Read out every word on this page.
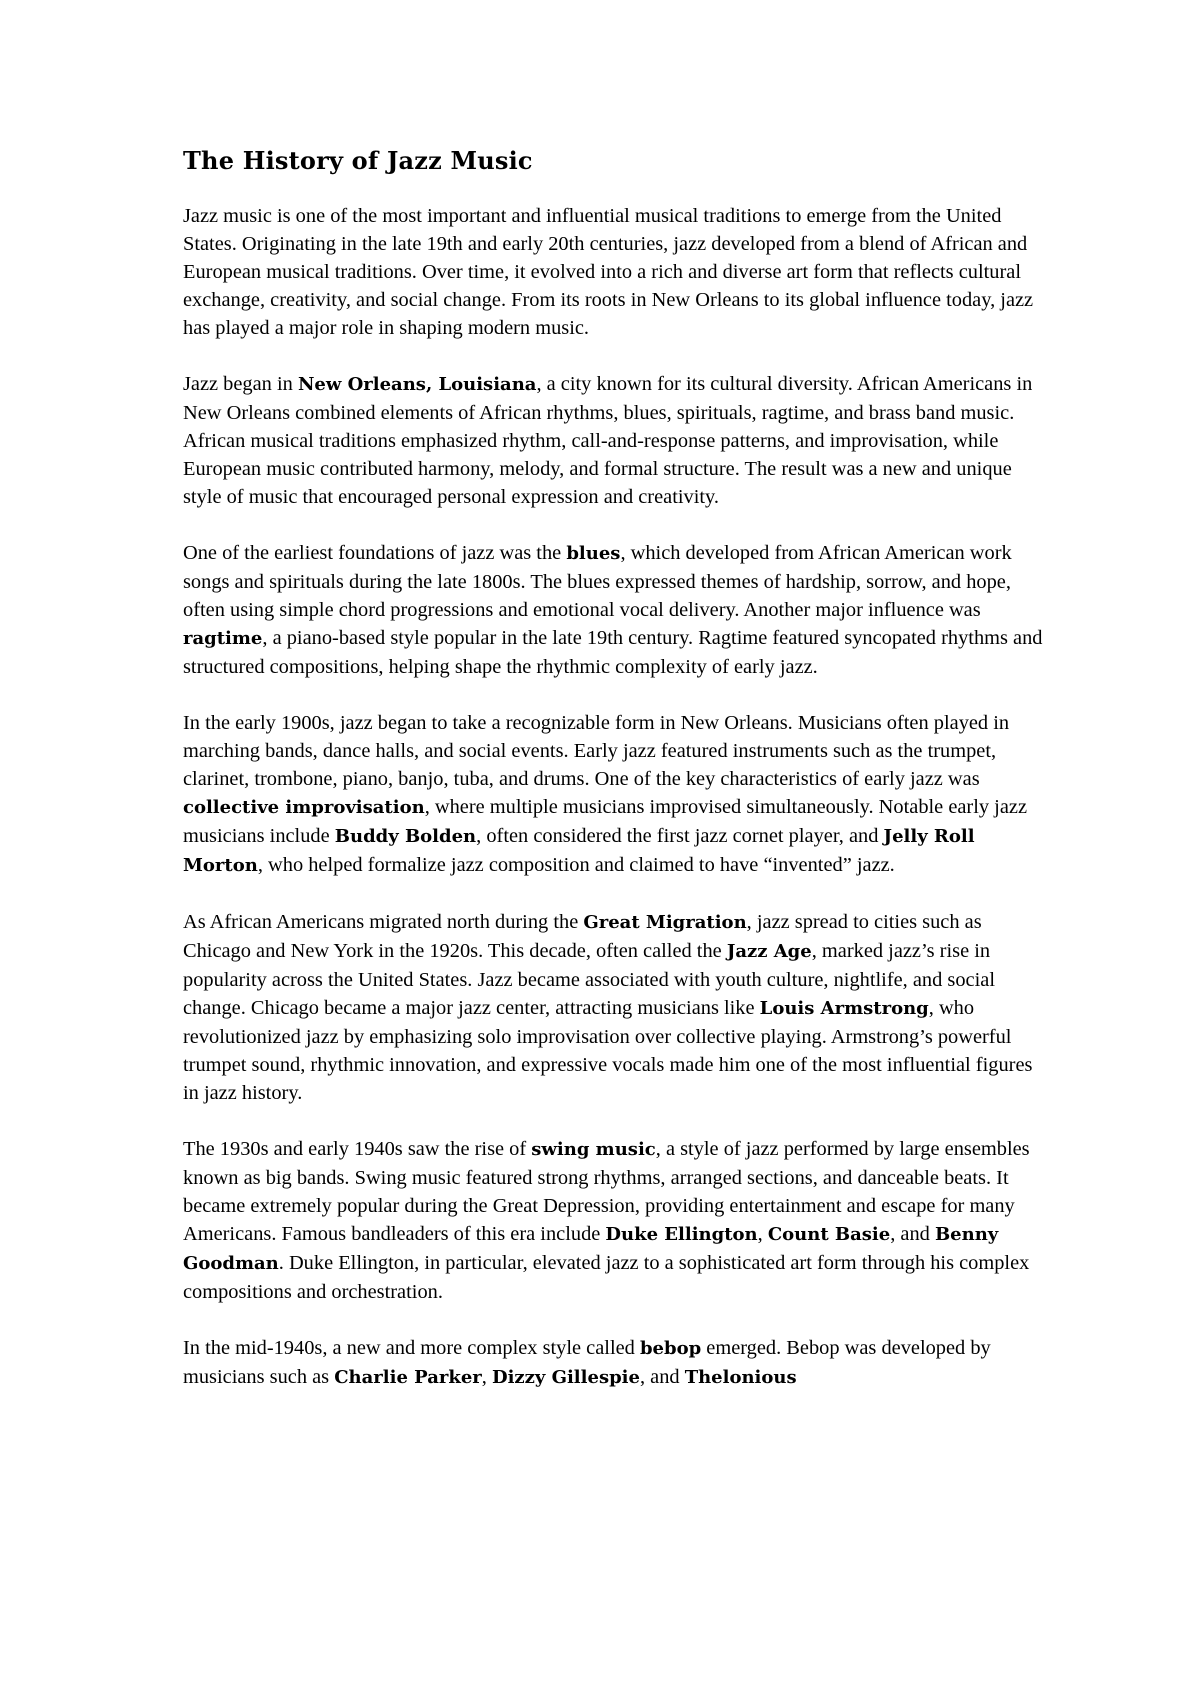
The History of Jazz Music

Jazz music is one of the most important and influential musical traditions to emerge from the United States. Originating in the late 19th and early 20th centuries, jazz developed from a blend of African and European musical traditions. Over time, it evolved into a rich and diverse art form that reflects cultural exchange, creativity, and social change. From its roots in New Orleans to its global influence today, jazz has played a major role in shaping modern music.

Jazz began in New Orleans, Louisiana, a city known for its cultural diversity. African Americans in New Orleans combined elements of African rhythms, blues, spirituals, ragtime, and brass band music. African musical traditions emphasized rhythm, call-and-response patterns, and improvisation, while European music contributed harmony, melody, and formal structure. The result was a new and unique style of music that encouraged personal expression and creativity.

One of the earliest foundations of jazz was the blues, which developed from African American work songs and spirituals during the late 1800s. The blues expressed themes of hardship, sorrow, and hope, often using simple chord progressions and emotional vocal delivery. Another major influence was ragtime, a piano-based style popular in the late 19th century. Ragtime featured syncopated rhythms and structured compositions, helping shape the rhythmic complexity of early jazz.

In the early 1900s, jazz began to take a recognizable form in New Orleans. Musicians often played in marching bands, dance halls, and social events. Early jazz featured instruments such as the trumpet, clarinet, trombone, piano, banjo, tuba, and drums. One of the key characteristics of early jazz was collective improvisation, where multiple musicians improvised simultaneously. Notable early jazz musicians include Buddy Bolden, often considered the first jazz cornet player, and Jelly Roll Morton, who helped formalize jazz composition and claimed to have “invented” jazz.

As African Americans migrated north during the Great Migration, jazz spread to cities such as Chicago and New York in the 1920s. This decade, often called the Jazz Age, marked jazz’s rise in popularity across the United States. Jazz became associated with youth culture, nightlife, and social change. Chicago became a major jazz center, attracting musicians like Louis Armstrong, who revolutionized jazz by emphasizing solo improvisation over collective playing. Armstrong’s powerful trumpet sound, rhythmic innovation, and expressive vocals made him one of the most influential figures in jazz history.

The 1930s and early 1940s saw the rise of swing music, a style of jazz performed by large ensembles known as big bands. Swing music featured strong rhythms, arranged sections, and danceable beats. It became extremely popular during the Great Depression, providing entertainment and escape for many Americans. Famous bandleaders of this era include Duke Ellington, Count Basie, and Benny Goodman. Duke Ellington, in particular, elevated jazz to a sophisticated art form through his complex compositions and orchestration.

In the mid-1940s, a new and more complex style called bebop emerged. Bebop was developed by musicians such as Charlie Parker, Dizzy Gillespie, and Thelonious
